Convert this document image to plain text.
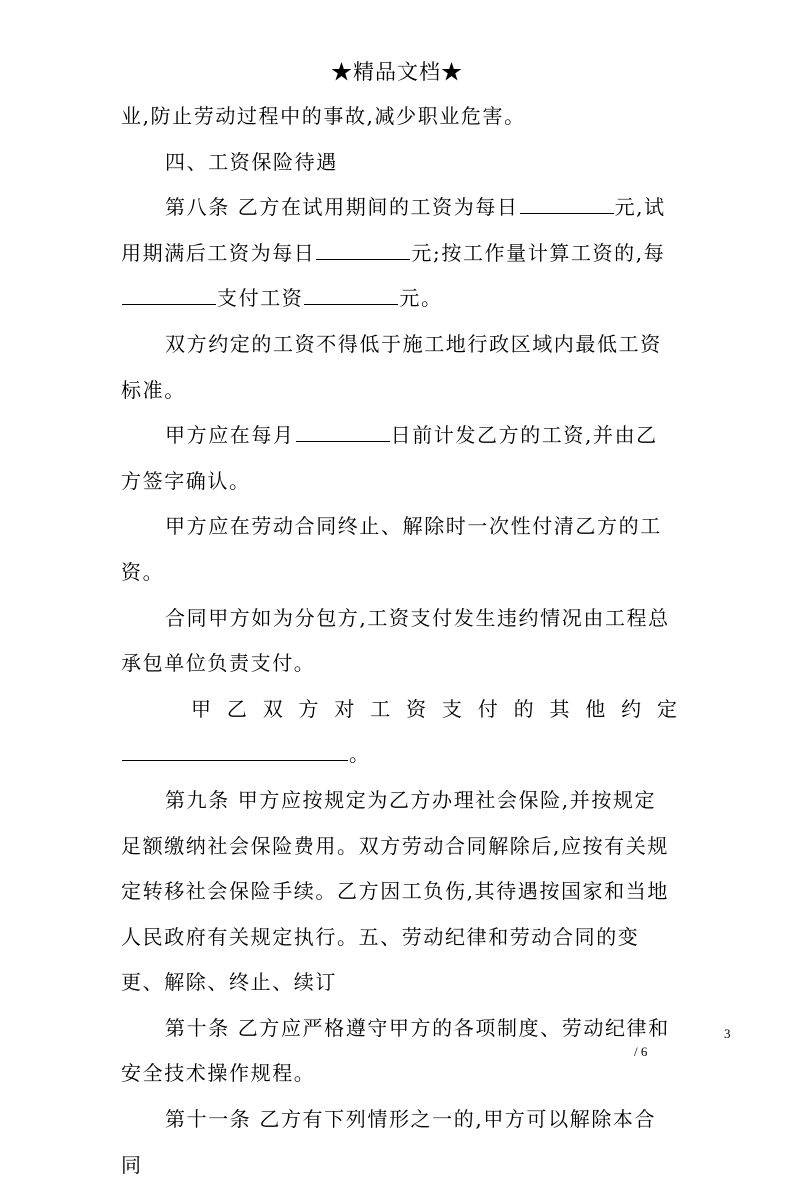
★精品文档★

业,防止劳动过程中的事故,减少职业危害。

四、工资保险待遇

第八条 乙方在试用期间的工资为每日	元,试用期满后工资为每日	元;按工作量计算工资的,每支付工资	元。

双方约定的工资不得低于施工地行政区域内最低工资标准。

甲方应在每月	日前计发乙方的工资,并由乙方签字确认。

甲方应在劳动合同终止、解除时一次性付清乙方的工资。

合同甲方如为分包方,工资支付发生违约情况由工程总承包单位负责支付。

甲乙双方对工资支付的其他约定

。

第九条 甲方应按规定为乙方办理社会保险,并按规定足额缴纳社会保险费用。双方劳动合同解除后,应按有关规定转移社会保险手续。乙方因工负伤,其待遇按国家和当地人民政府有关规定执行。五、劳动纪律和劳动合同的变更、解除、终止、续订

第十条 乙方应严格遵守甲方的各项制度、劳动纪律和安全技术操作规程。

第十一条 乙方有下列情形之一的,甲方可以解除本合同

3
/ 6
